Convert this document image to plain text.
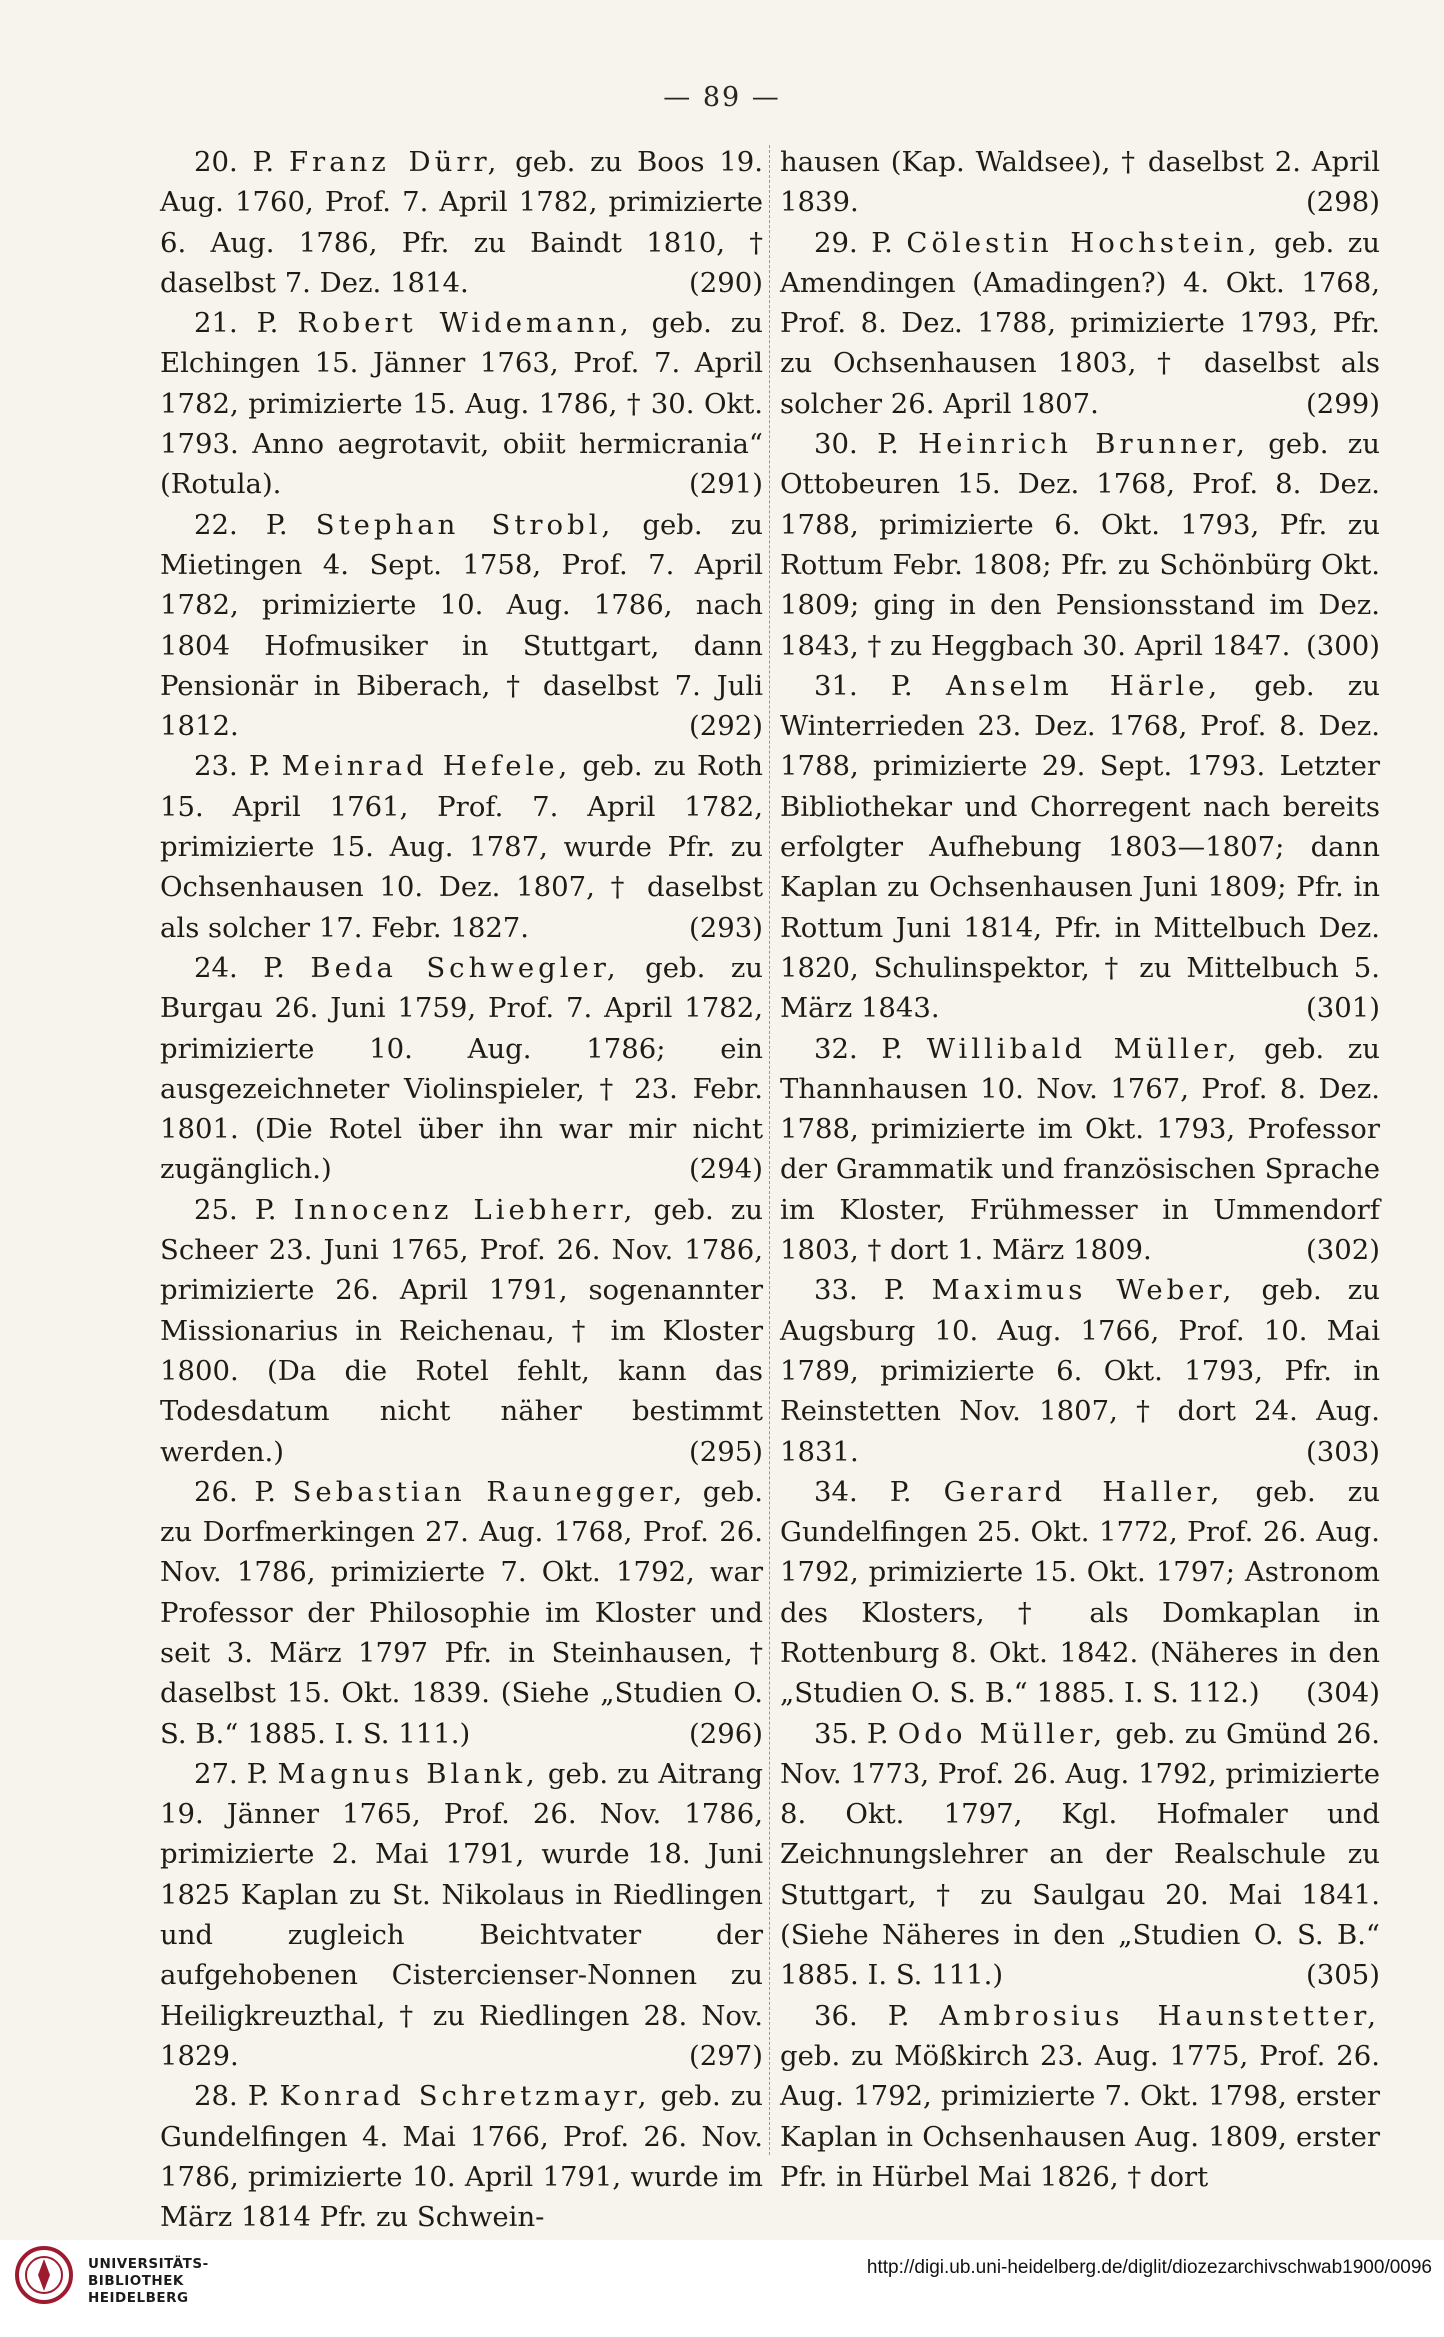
— 89 —

20. P. Franz Dürr, geb. zu Boos 19. Aug. 1760, Prof. 7. April 1782, primizierte 6. Aug. 1786, Pfr. zu Baindt 1810, † daselbst 7. Dez. 1814.	(290)

21. P. Robert Widemann, geb. zu Elchingen 15. Jänner 1763, Prof. 7. April 1782, primizierte 15. Aug. 1786, † 30. Okt. 1793. Anno aegrotavit, obiit hermicrania“ (Rotula).	(291)

22. P. Stephan Strobl, geb. zu Mietingen 4. Sept. 1758, Prof. 7. April 1782, primizierte 10. Aug. 1786, nach 1804 Hofmusiker in Stuttgart, dann Pensionär in Biberach, † daselbst 7. Juli 1812.	(292)

23. P. Meinrad Hefele, geb. zu Roth 15. April 1761, Prof. 7. April 1782, primizierte 15. Aug. 1787, wurde Pfr. zu Ochsenhausen 10. Dez. 1807, † daselbst als solcher 17. Febr. 1827.	(293)

24. P. Beda Schwegler, geb. zu Burgau 26. Juni 1759, Prof. 7. April 1782, primizierte 10. Aug. 1786; ein ausgezeichneter Violinspieler, † 23. Febr. 1801. (Die Rotel über ihn war mir nicht zugänglich.)	(294)

25. P. Innocenz Liebherr, geb. zu Scheer 23. Juni 1765, Prof. 26. Nov. 1786, primizierte 26. April 1791, sogenannter Missionarius in Reichenau, † im Kloster 1800. (Da die Rotel fehlt, kann das Todesdatum nicht näher bestimmt werden.)	(295)

26. P. Sebastian Raunegger, geb. zu Dorfmerkingen 27. Aug. 1768, Prof. 26. Nov. 1786, primizierte 7. Okt. 1792, war Professor der Philosophie im Kloster und seit 3. März 1797 Pfr. in Steinhausen, † daselbst 15. Okt. 1839. (Siehe „Studien O. S. B.“ 1885. I. S. 111.)	(296)

27. P. Magnus Blank, geb. zu Aitrang 19. Jänner 1765, Prof. 26. Nov. 1786, primizierte 2. Mai 1791, wurde 18. Juni 1825 Kaplan zu St. Nikolaus in Riedlingen und zugleich Beichtvater der aufgehobenen Cistercienser-Nonnen zu Heiligkreuzthal, † zu Riedlingen 28. Nov. 1829.	(297)

28. P. Konrad Schretzmayr, geb. zu Gundelfingen 4. Mai 1766, Prof. 26. Nov. 1786, primizierte 10. April 1791, wurde im März 1814 Pfr. zu Schwein-

hausen (Kap. Waldsee), † daselbst 2. April 1839.	(298)

29. P. Cölestin Hochstein, geb. zu Amendingen (Amadingen?) 4. Okt. 1768, Prof. 8. Dez. 1788, primizierte 1793, Pfr. zu Ochsenhausen 1803, † daselbst als solcher 26. April 1807.	(299)

30. P. Heinrich Brunner, geb. zu Ottobeuren 15. Dez. 1768, Prof. 8. Dez. 1788, primizierte 6. Okt. 1793, Pfr. zu Rottum Febr. 1808; Pfr. zu Schönbürg Okt. 1809; ging in den Pensionsstand im Dez. 1843, † zu Heggbach 30. April 1847. (300)

31. P. Anselm Härle, geb. zu Winterrieden 23. Dez. 1768, Prof. 8. Dez. 1788, primizierte 29. Sept. 1793. Letzter Bibliothekar und Chorregent nach bereits erfolgter Aufhebung 1803—1807; dann Kaplan zu Ochsenhausen Juni 1809; Pfr. in Rottum Juni 1814, Pfr. in Mittelbuch Dez. 1820, Schulinspektor, † zu Mittelbuch 5. März 1843.	(301)

32. P. Willibald Müller, geb. zu Thannhausen 10. Nov. 1767, Prof. 8. Dez. 1788, primizierte im Okt. 1793, Professor der Grammatik und französischen Sprache im Kloster, Frühmesser in Ummendorf 1803, † dort 1. März 1809.	(302)

33. P. Maximus Weber, geb. zu Augsburg 10. Aug. 1766, Prof. 10. Mai 1789, primizierte 6. Okt. 1793, Pfr. in Reinstetten Nov. 1807, † dort 24. Aug. 1831.	(303)

34. P. Gerard Haller, geb. zu Gundelfingen 25. Okt. 1772, Prof. 26. Aug. 1792, primizierte 15. Okt. 1797; Astronom des Klosters, † als Domkaplan in Rottenburg 8. Okt. 1842. (Näheres in den „Studien O. S. B.“ 1885. I. S. 112.) (304)

35. P. Odo Müller, geb. zu Gmünd 26. Nov. 1773, Prof. 26. Aug. 1792, primizierte 8. Okt. 1797, Kgl. Hofmaler und Zeichnungslehrer an der Realschule zu Stuttgart, † zu Saulgau 20. Mai 1841. (Siehe Näheres in den „Studien O. S. B.“ 1885. I. S. 111.)	(305)

36. P. Ambrosius Haunstetter, geb. zu Mößkirch 23. Aug. 1775, Prof. 26. Aug. 1792, primizierte 7. Okt. 1798, erster Kaplan in Ochsenhausen Aug. 1809, erster Pfr. in Hürbel Mai 1826, † dort

UNIVERSITÄTS-
BIBLIOTHEK
HEIDELBERG
http://digi.ub.uni-heidelberg.de/diglit/diozezarchivschwab1900/0096
